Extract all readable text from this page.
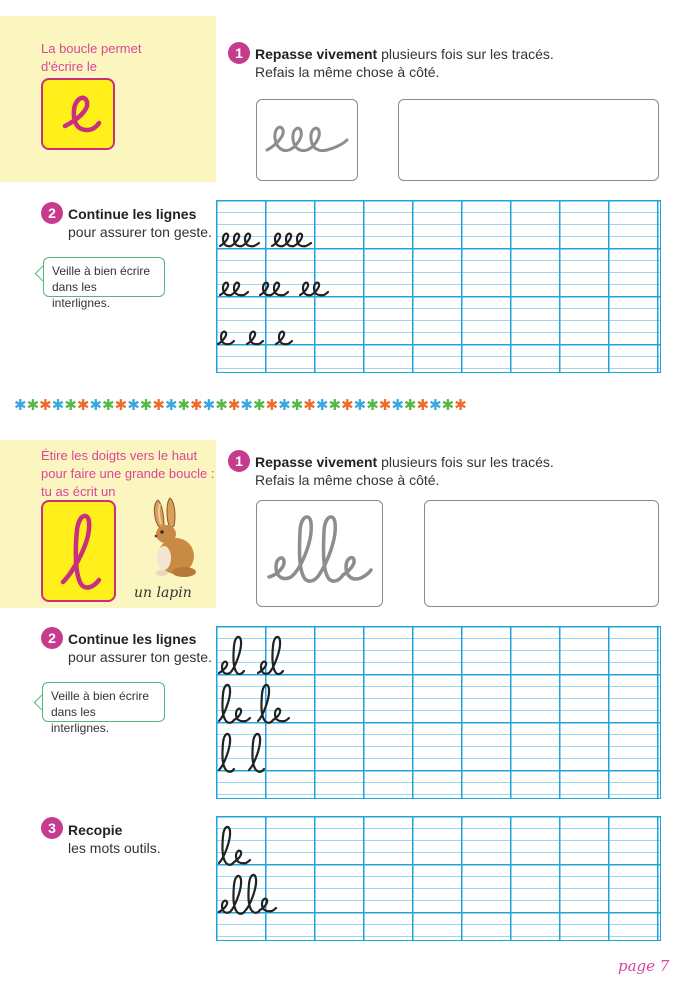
La boucle permet
d'écrire le
1 Repasse vivement plusieurs fois sur les tracés.
Refais la même chose à côté.
2 Continue les lignes
pour assurer ton geste.
Veille à bien écrire
dans les interlignes.
✱✱✱✱✱✱✱✱✱✱✱✱✱✱✱✱✱✱✱✱✱✱✱✱✱✱✱✱✱✱✱✱✱✱✱✱
Étire les doigts vers le haut
pour faire une grande boucle :
tu as écrit un
un lapin
1 Repasse vivement plusieurs fois sur les tracés.
Refais la même chose à côté.
2 Continue les lignes
pour assurer ton geste.
Veille à bien écrire
dans les interlignes.
3 Recopie
les mots outils.
page 7
